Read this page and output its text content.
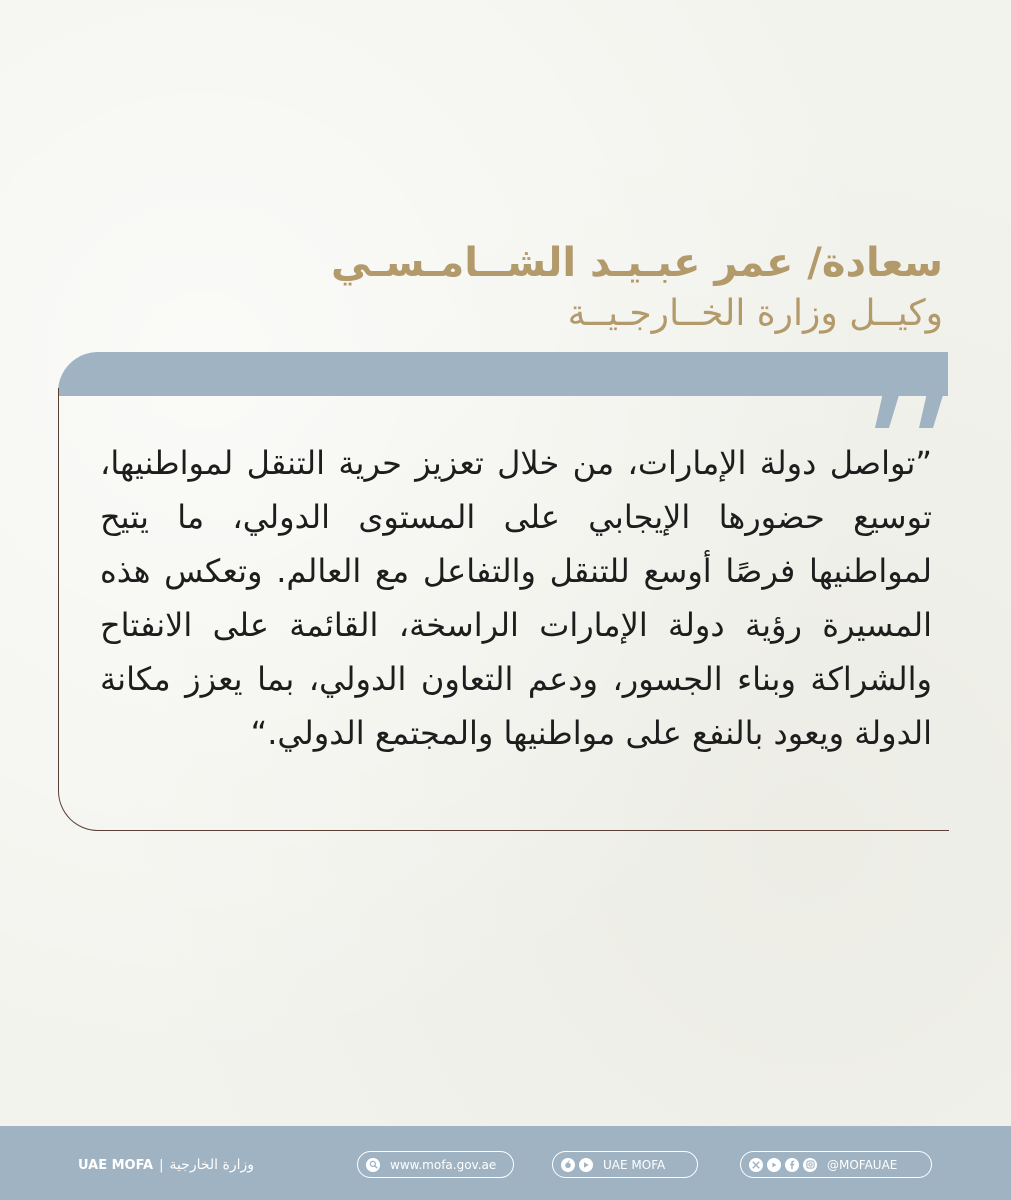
سعادة/ عمر عبـيـد الشــامـسـي

وكيــل وزارة الخــارجـيــة

”تواصل دولة الإمارات، من خلال تعزيز حرية التنقل لمواطنيها، توسيع حضورها الإيجابي على المستوى الدولي، ما يتيح لمواطنيها فرصًا أوسع للتنقل والتفاعل مع العالم. وتعكس هذه المسيرة رؤية دولة الإمارات الراسخة، القائمة على الانفتاح والشراكة وبناء الجسور، ودعم التعاون الدولي، بما يعزز مكانة الدولة ويعود بالنفع على مواطنيها والمجتمع الدولي.“

@MOFAUAE
UAE MOFA
www.mofa.gov.ae
UAE MOFA | وزارة الخارجية
